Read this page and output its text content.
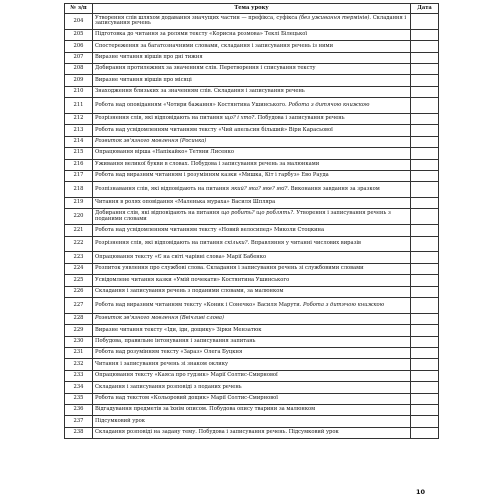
№ з/п	Тема уроку	Дата
204	Утворення слів шляхом додавання значущих частин — префікса, суфікса (без уживання термінів). Складання і записування речень	
205	Підготовка до читання за ролями тексту «Корисна розмова» Теклі Білецької	
206	Спостереження за багатозначними словами, складання і записування речень із ними	
207	Виразне читання віршів про дні тижня	
208	Добирання протилежних за значенням слів. Перетворення і списування тексту	
209	Виразне читання віршів про місяці	
210	Знаходження близьких за значенням слів. Складання і записування речень	
211	Робота над оповіданням «Чотири бажання» Костянтина Ушинського. Робота з дитячою книжкою	
212	Розрізнення слів, які відповідають на питання що? і хто?. Побудова і записування речень	
213	Робота над усвідомленням читанням тексту «Чий апельсин більший» Віри Карасьової	
214	Розвиток зв'язного мовлення (Росинка)	
215	Опрацювання вірша «Напікайко» Тетяни Лисенко	
216	Уживання великої букви в словах. Побудова і записування речень за малюнками	
217	Робота над виразним читанням і розумінням казки «Мишка, Кіт і гарбуз» Ево Рауда	
218	Розпізнавання слів, які відповідають на питання який? яка? яке? які?. Виконання завдання за зразком	
219	Читання в ролях оповідання «Маленька мураха» Василя Шпляра	
220	Добирання слів, які відповідають на питання що робить? що роблять?. Утворення і записування речень з поданими словами	
221	Робота над усвідомленням читанням тексту «Новий велосипед» Миколи Стоцкина	
222	Розрізнення слів, які відповідають на питання скільки?. Вправляння у читанні числових виразів	
223	Опрацювання тексту «Є на світі чарівні слова» Марії Бабенко	
224	Розпиток уявлення про службові слова. Складання і записування речень зі службовими словами	
225	Усвідомлене читання казки «Умій почекати» Костянтина Ушинського	
226	Складання і записування речень з поданими словами, за малюнком	
227	Робота над виразним читанням тексту «Коник і Сонечко» Василя Марути. Робота з дитячою книжкою	
228	Розвиток зв'язного мовлення (Ввічливі слова)	
229	Виразне читання тексту «Іди, іди, дощику» Зірки Мензатюк	
230	Побудова, правильне інтонування і записування запитань	
231	Робота над розумінням тексту «Зараз» Олега Буцкня	
232	Читання і записування речень зі знаком оклику	
233	Опрацювання тексту «Каяса про гудзик» Марії Солтис-Смирнової	
234	Складання і записування розповіді з поданих речень	
235	Робота над текстом «Кольоровий дощик» Марії Солтис-Смирнової	
236	Відгадування предметів за їхнім описом. Побудова опису тварини за малюнком	
237	Підсумковий урок	
238	Складання розповіді на задану тему. Побудова і записування речень. Підсумковий урок	
10
